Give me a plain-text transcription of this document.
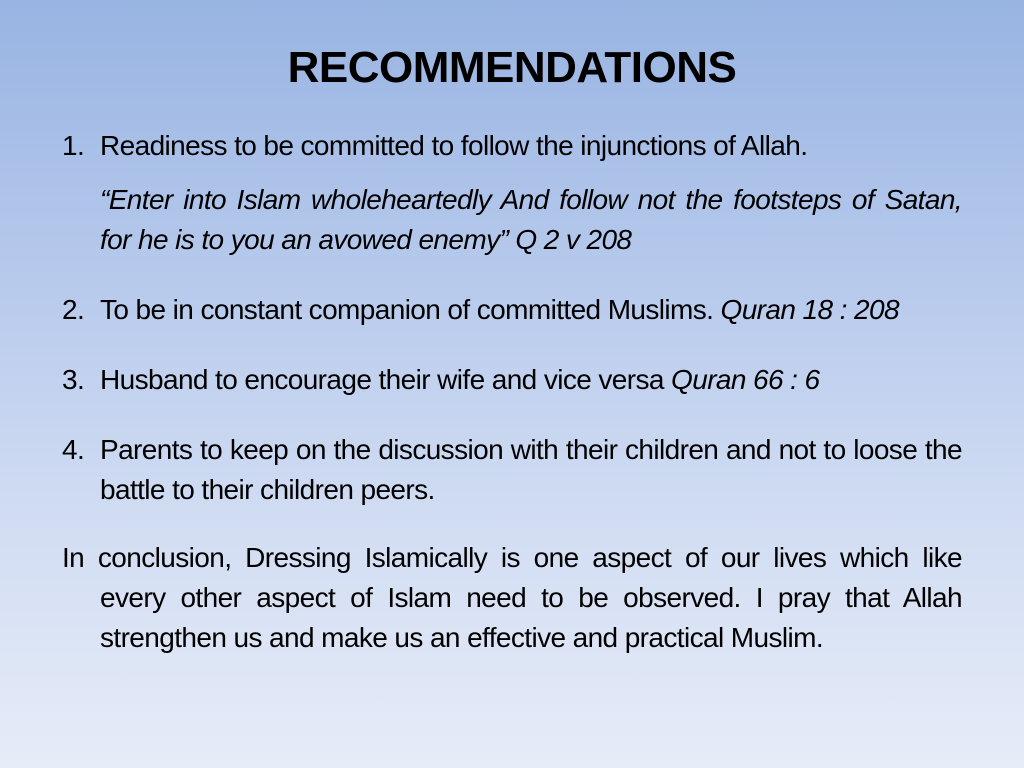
RECOMMENDATIONS
1. Readiness to be committed to follow the injunctions of Allah.
“Enter into Islam wholeheartedly And follow not the footsteps of Satan, for he is to you an avowed enemy” Q 2 v 208
2. To be in constant companion of committed Muslims. Quran 18 : 208
3. Husband to encourage their wife and vice versa Quran 66 : 6
4. Parents to keep on the discussion with their children and not to loose the battle to their children peers.
In conclusion, Dressing Islamically is one aspect of our lives which like every other aspect of Islam need to be observed. I pray that Allah strengthen us and make us an effective and practical Muslim.
